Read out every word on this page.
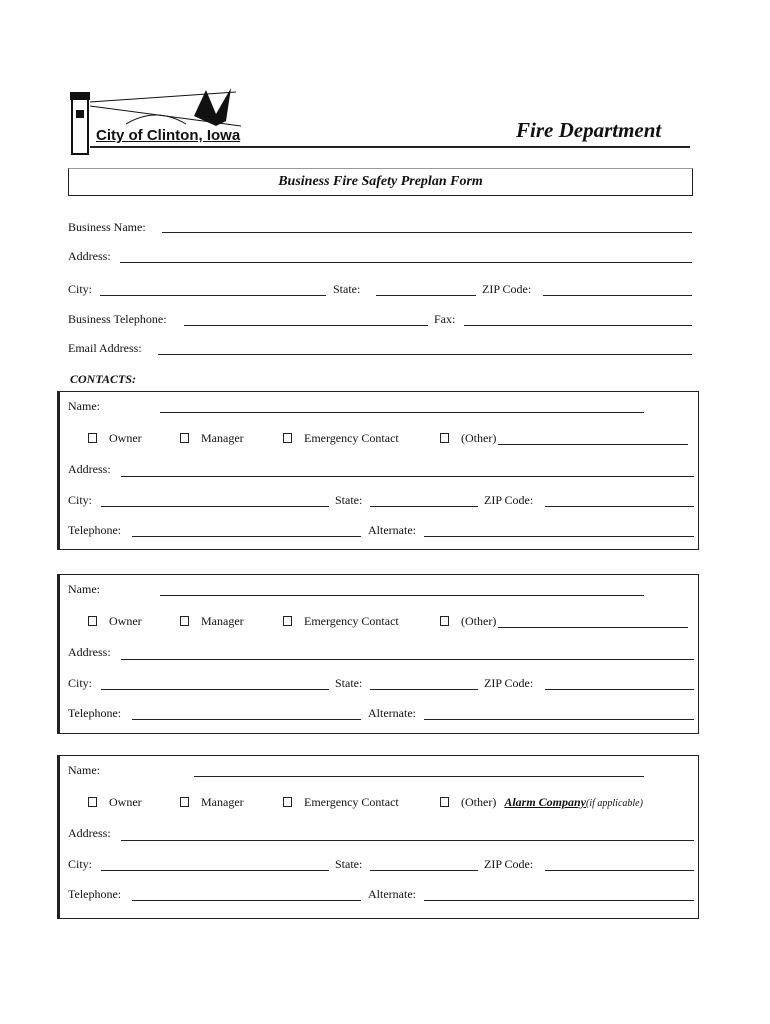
City of Clinton, Iowa	Fire Department
Business Fire Safety Preplan Form
Business Name:
Address:
City:	State:	ZIP Code:
Business Telephone:	Fax:
Email Address:
CONTACTS:
Name:
Owner	Manager	Emergency Contact	(Other)
Address:
City:	State:	ZIP Code:
Telephone:	Alternate:
Name:
Owner	Manager	Emergency Contact	(Other)
Address:
City:	State:	ZIP Code:
Telephone:	Alternate:
Name:
Owner	Manager	Emergency Contact	(Other) Alarm Company(if applicable)
Address:
City:	State:	ZIP Code:
Telephone:	Alternate:
